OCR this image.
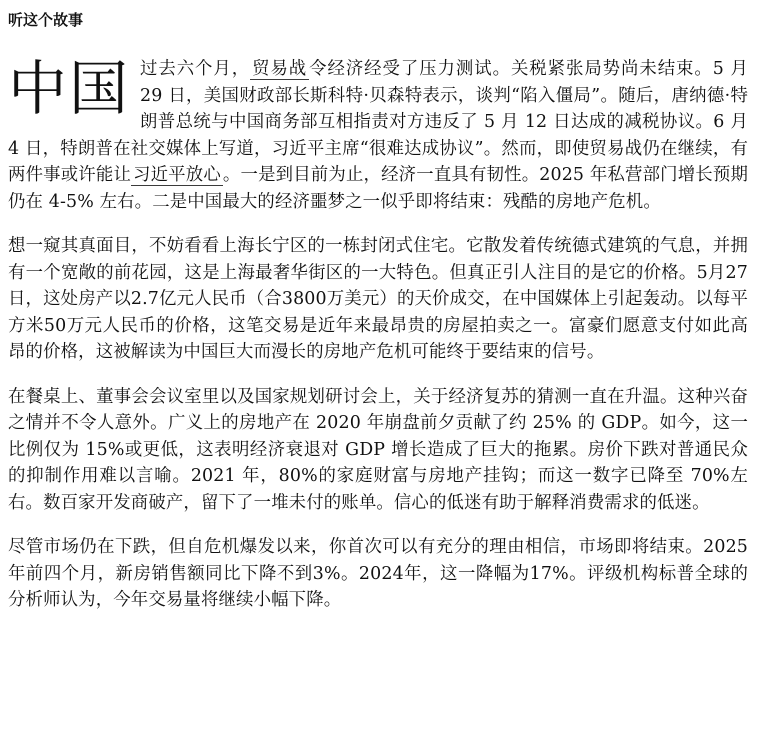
听这个故事

中国 过去六个月， 贸易战 令经济经受了压力测试。关税紧张局势尚未结束。5 月 29 日，美国财政部长斯科特·贝森特表示，谈判“陷入僵局”。随后，唐纳德·特朗普总统与中国商务部互相指责对方违反了 5 月 12 日达成的减税协议。6 月 4 日，特朗普在社交媒体上写道，习近平主席“很难达成协议”。然而，即使贸易战仍在继续，有两件事或许能让 习近平放心 。一是到目前为止，经济一直具有韧性。2025 年私营部门增长预期仍在 4-5% 左右。二是中国最大的经济噩梦之一似乎即将结束：残酷的房地产危机。

想一窥其真面目，不妨看看上海长宁区的一栋封闭式住宅。它散发着传统德式建筑的气息，并拥有一个宽敞的前花园，这是上海最奢华街区的一大特色。但真正引人注目的是它的价格。5月27日，这处房产以2.7亿元人民币（合3800万美元）的天价成交，在中国媒体上引起轰动。以每平方米50万元人民币的价格，这笔交易是近年来最昂贵的房屋拍卖之一。富豪们愿意支付如此高昂的价格，这被解读为中国巨大而漫长的房地产危机可能终于要结束的信号。

在餐桌上、董事会会议室里以及国家规划研讨会上，关于经济复苏的猜测一直在升温。这种兴奋之情并不令人意外。广义上的房地产在 2020 年崩盘前夕贡献了约 25% 的 GDP。如今，这一比例仅为 15%或更低，这表明经济衰退对 GDP 增长造成了巨大的拖累。房价下跌对普通民众的抑制作用难以言喻。2021 年，80%的家庭财富与房地产挂钩；而这一数字已降至 70%左右。数百家开发商破产，留下了一堆未付的账单。信心的低迷有助于解释消费需求的低迷。

尽管市场仍在下跌，但自危机爆发以来，你首次可以有充分的理由相信，市场即将结束。2025年前四个月，新房销售额同比下降不到3%。2024年，这一降幅为17%。评级机构标普全球的分析师认为，今年交易量将继续小幅下降。
